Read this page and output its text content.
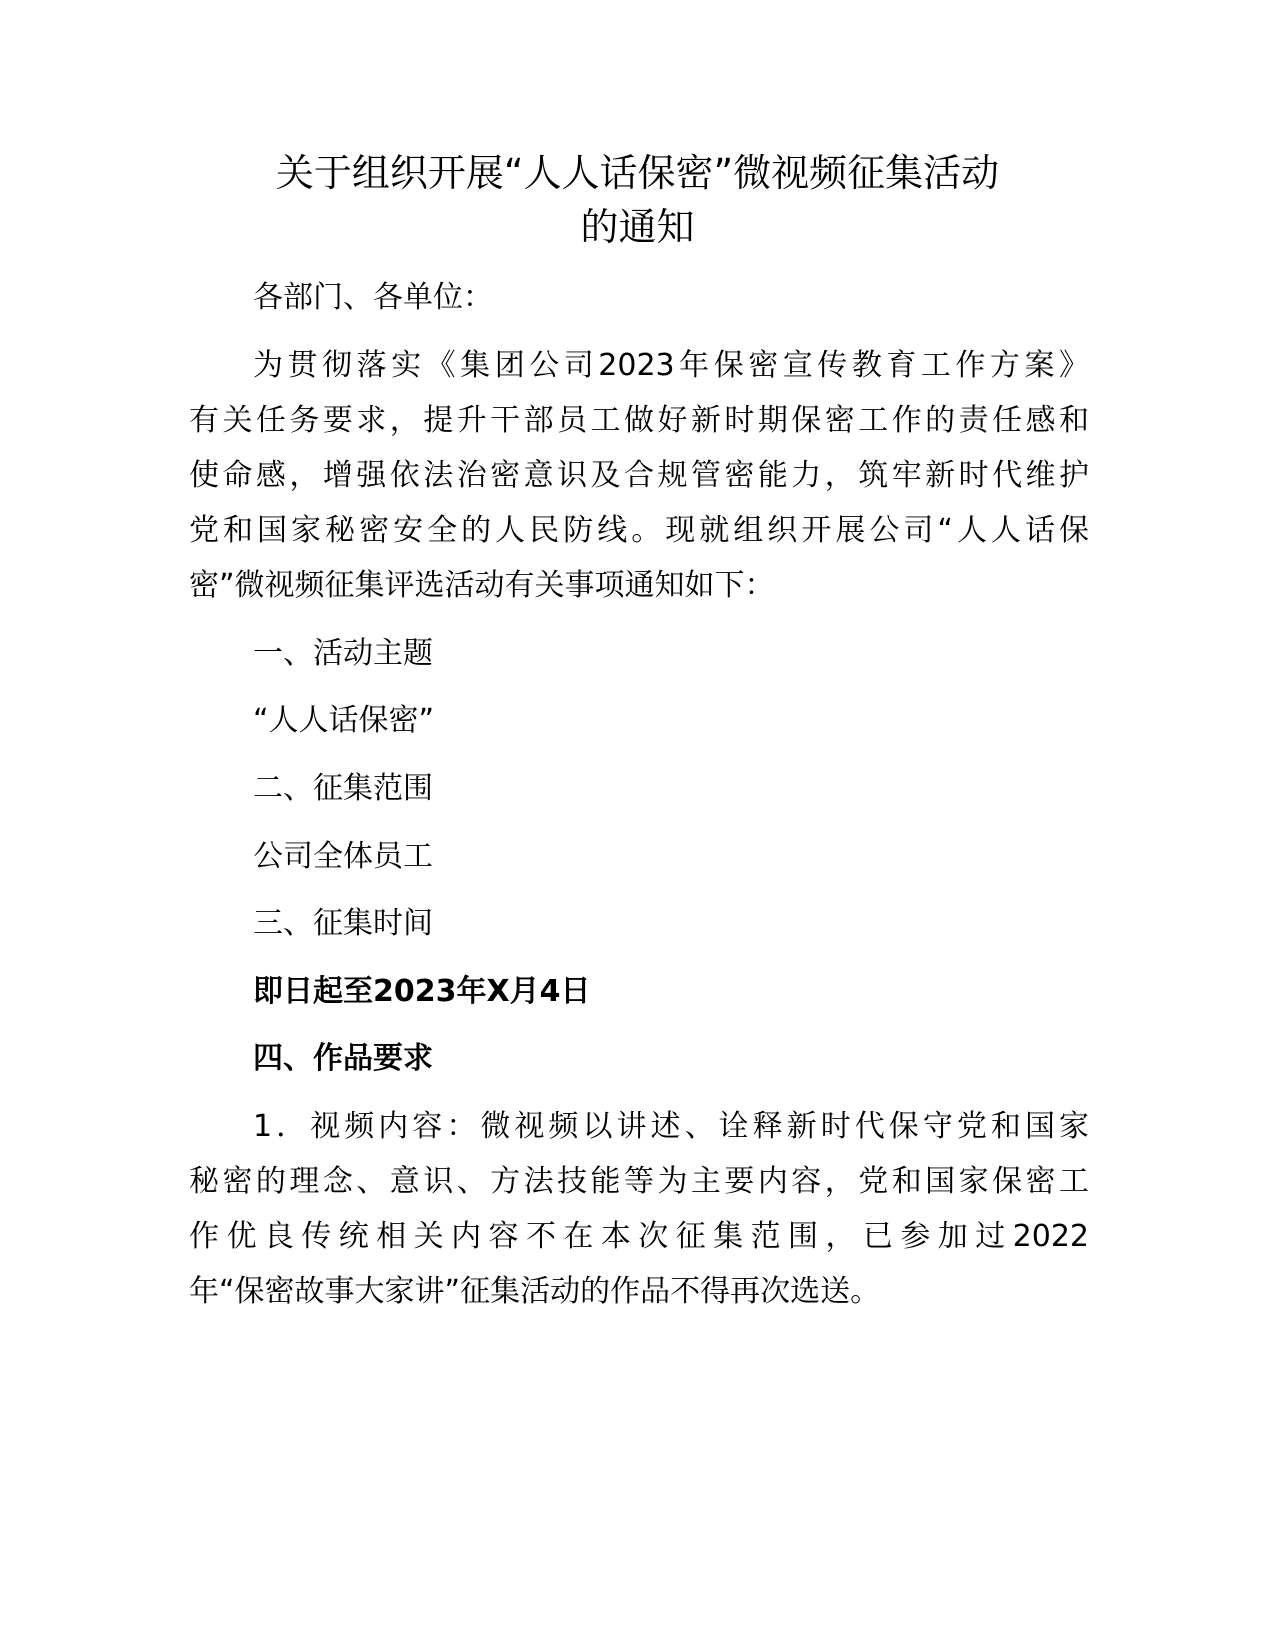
关于组织开展“人人话保密”微视频征集活动
的通知

各部门、各单位：

为贯彻落实《集团公司2023年保密宣传教育工作方案》

有关任务要求，提升干部员工做好新时期保密工作的责任感和

使命感，增强依法治密意识及合规管密能力，筑牢新时代维护

党和国家秘密安全的人民防线。现就组织开展公司“人人话保

密”微视频征集评选活动有关事项通知如下：

一、活动主题

“人人话保密”

二、征集范围

公司全体员工

三、征集时间

即日起至2023年X月4日

四、作品要求

1．视频内容：微视频以讲述、诠释新时代保守党和国家

秘密的理念、意识、方法技能等为主要内容，党和国家保密工

作优良传统相关内容不在本次征集范围，已参加过2022

年“保密故事大家讲”征集活动的作品不得再次选送。
